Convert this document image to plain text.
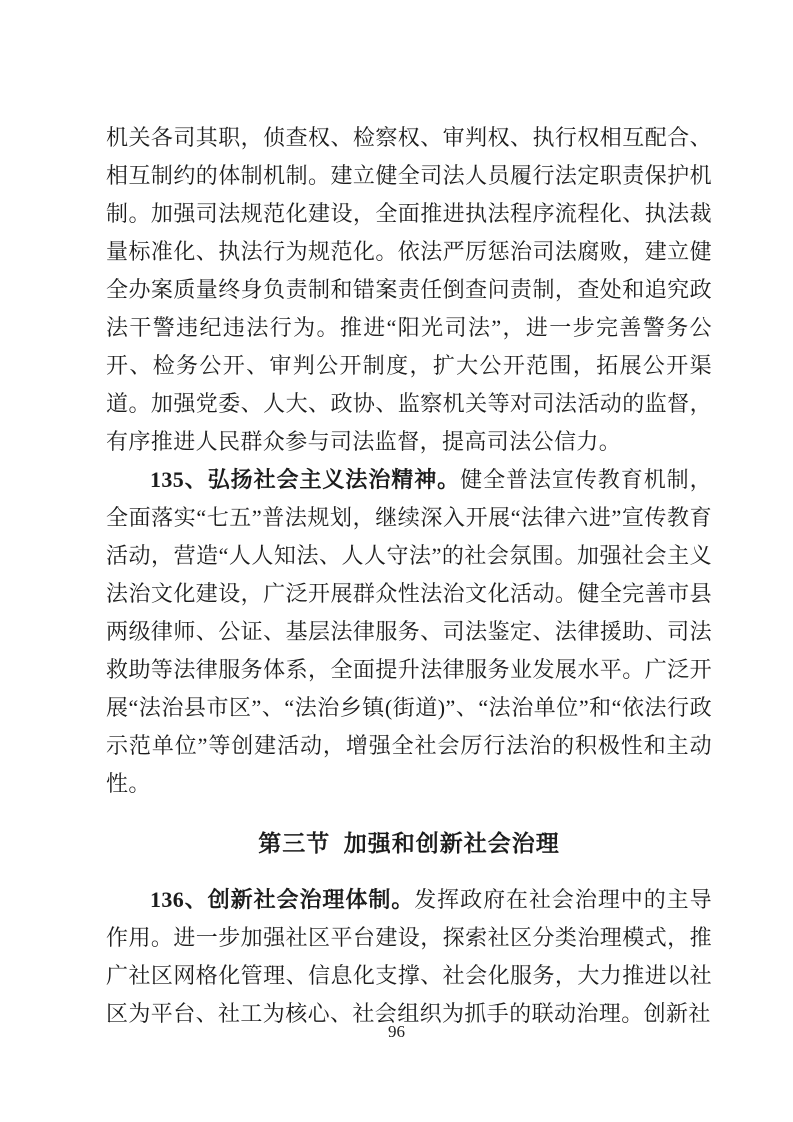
机关各司其职，侦查权、检察权、审判权、执行权相互配合、相互制约的体制机制。建立健全司法人员履行法定职责保护机制。加强司法规范化建设，全面推进执法程序流程化、执法裁量标准化、执法行为规范化。依法严厉惩治司法腐败，建立健全办案质量终身负责制和错案责任倒查问责制，查处和追究政法干警违纪违法行为。推进“阳光司法”，进一步完善警务公开、检务公开、审判公开制度，扩大公开范围，拓展公开渠道。加强党委、人大、政协、监察机关等对司法活动的监督，有序推进人民群众参与司法监督，提高司法公信力。

135、弘扬社会主义法治精神。健全普法宣传教育机制，全面落实“七五”普法规划，继续深入开展“法律六进”宣传教育活动，营造“人人知法、人人守法”的社会氛围。加强社会主义法治文化建设，广泛开展群众性法治文化活动。健全完善市县两级律师、公证、基层法律服务、司法鉴定、法律援助、司法救助等法律服务体系，全面提升法律服务业发展水平。广泛开展“法治县市区”、“法治乡镇(街道)”、“法治单位”和“依法行政示范单位”等创建活动，增强全社会厉行法治的积极性和主动性。

第三节  加强和创新社会治理

136、创新社会治理体制。发挥政府在社会治理中的主导作用。进一步加强社区平台建设，探索社区分类治理模式，推广社区网格化管理、信息化支撑、社会化服务，大力推进以社区为平台、社工为核心、社会组织为抓手的联动治理。创新社

96
